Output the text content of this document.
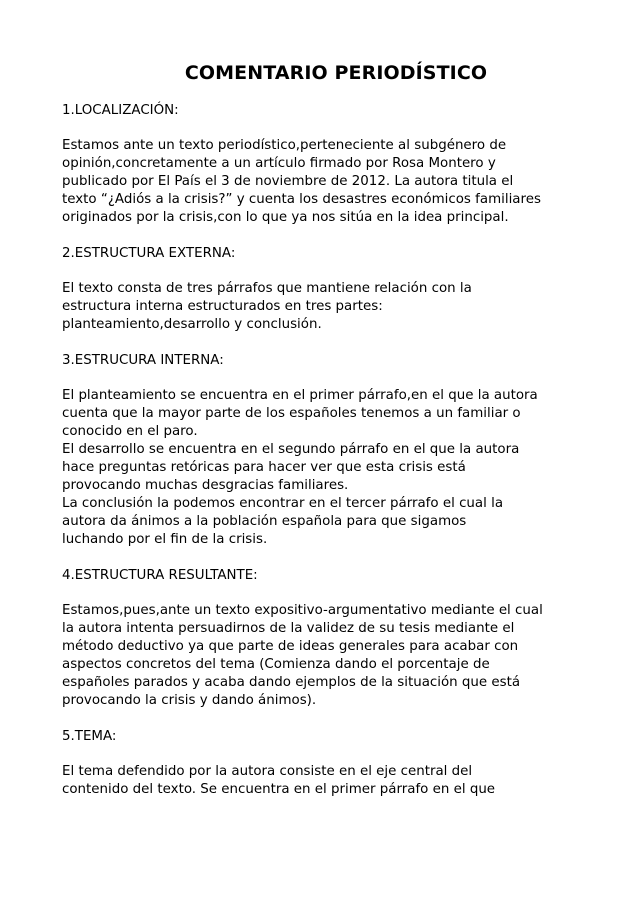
COMENTARIO PERIODÍSTICO
1.LOCALIZACIÓN:
Estamos ante un texto periodístico,perteneciente al subgénero de
opinión,concretamente a un artículo firmado por Rosa Montero y
publicado por El País el 3 de noviembre de 2012. La autora titula el
texto “¿Adiós a la crisis?” y cuenta los desastres económicos familiares
originados por la crisis,con lo que ya nos sitúa en la idea principal.
2.ESTRUCTURA EXTERNA:
El texto consta de tres párrafos que mantiene relación con la
estructura interna estructurados en tres partes:
planteamiento,desarrollo y conclusión.
3.ESTRUCURA INTERNA:
El planteamiento se encuentra en el primer párrafo,en el que la autora
cuenta que la mayor parte de los españoles tenemos a un familiar o
conocido en el paro.
El desarrollo se encuentra en el segundo párrafo en el que la autora
hace preguntas retóricas para hacer ver que esta crisis está
provocando muchas desgracias familiares.
La conclusión la podemos encontrar en el tercer párrafo el cual la
autora da ánimos a la población española para que sigamos
luchando por el fin de la crisis.
4.ESTRUCTURA RESULTANTE:
Estamos,pues,ante un texto expositivo-argumentativo mediante el cual
la autora intenta persuadirnos de la validez de su tesis mediante el
método deductivo ya que parte de ideas generales para acabar con
aspectos concretos del tema (Comienza dando el porcentaje de
españoles parados y acaba dando ejemplos de la situación que está
provocando la crisis y dando ánimos).
5.TEMA:
El tema defendido por la autora consiste en el eje central del
contenido del texto. Se encuentra en el primer párrafo en el que
